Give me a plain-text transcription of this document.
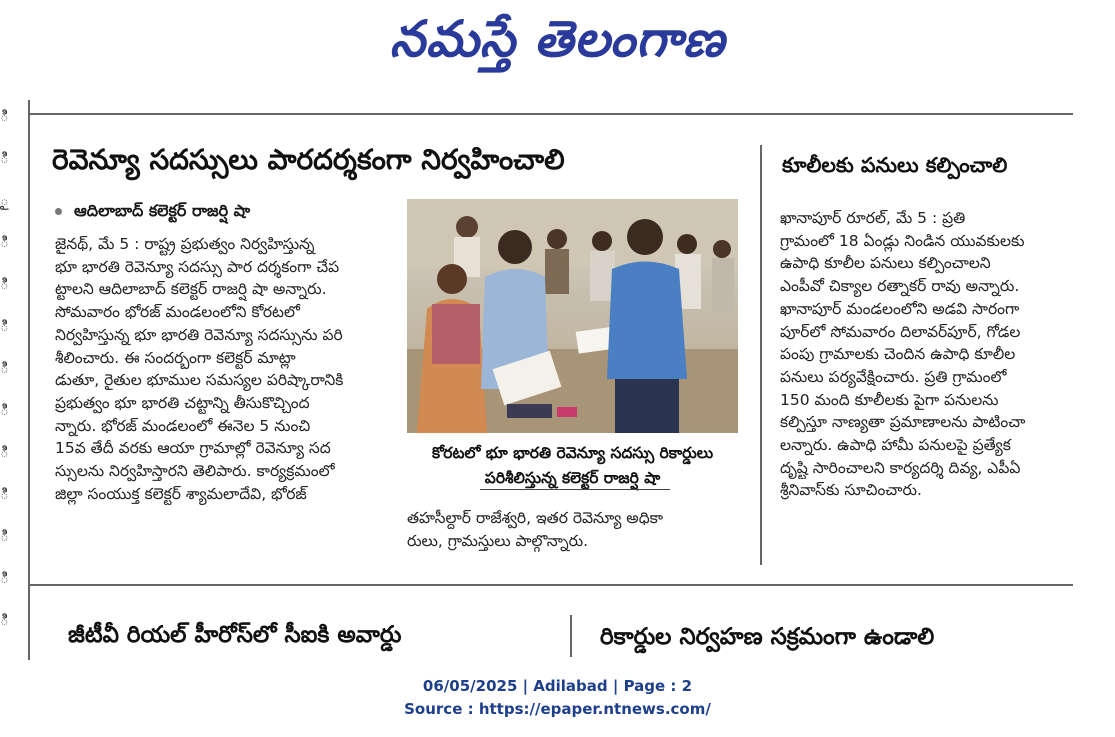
నమస్తే తెలంగాణ
ి
ి
ౖ
ి
ి
ి
ి
ి
ి
ి
ి
ి
ి
రెవెన్యూ సదస్సులు పారదర్శకంగా నిర్వహించాలి
ఆదిలాబాద్ కలెక్టర్ రాజర్షి షా
జైనథ్, మే 5 : రాష్ట్ర ప్రభుత్వం నిర్వహిస్తున్న
భూ భారతి రెవెన్యూ సదస్సు పార దర్శకంగా చేప
ట్టాలని ఆదిలాబాద్ కలెక్టర్ రాజర్షి షా అన్నారు.
సోమవారం భోరజ్ మండలంలోని కోరటలో
నిర్వహిస్తున్న భూ భారతి రెవెన్యూ సదస్సును పరి
శీలించారు. ఈ సందర్భంగా కలెక్టర్ మాట్లా
డుతూ, రైతుల భూముల సమస్యల పరిష్కారానికి
ప్రభుత్వం భూ భారతి చట్టాన్ని తీసుకొచ్చింద
న్నారు. భోరజ్ మండలంలో ఈనెల 5 నుంచి
15వ తేదీ వరకు ఆయా గ్రామాల్లో రెవెన్యూ సద
స్సులను నిర్వహిస్తారని తెలిపారు. కార్యక్రమంలో
జిల్లా సంయుక్త కలెక్టర్ శ్యామలాదేవి, భోరజ్
కోరటలో భూ భారతి రెవెన్యూ సదస్సు రికార్డులు
పరిశీలిస్తున్న కలెక్టర్ రాజర్షి షా
తహసీల్దార్ రాజేశ్వరి, ఇతర రెవెన్యూ అధికా
రులు, గ్రామస్తులు పాల్గొన్నారు.
కూలీలకు పనులు కల్పించాలి
ఖానాపూర్ రూరల్, మే 5 : ప్రతి
గ్రామంలో 18 ఏండ్లు నిండిన యువకులకు
ఉపాధి కూలీల పనులు కల్పించాలని
ఎంపీవో చిక్యాల రత్నాకర్ రావు అన్నారు.
ఖానాపూర్ మండలంలోని అడవి సారంగా
పూర్‌లో సోమవారం దిలావర్‌పూర్, గోడల
పంపు గ్రామాలకు చెందిన ఉపాధి కూలీల
పనులు పర్యవేక్షించారు. ప్రతి గ్రామంలో
150 మంది కూలీలకు పైగా పనులను
కల్పిస్తూ నాణ్యతా ప్రమాణాలను పాటించా
లన్నారు. ఉపాధి హామీ పనులపై ప్రత్యేక
దృష్టి సారించాలని కార్యదర్శి దివ్య, ఎపీఏ
శ్రీనివాస్‌కు సూచించారు.
జీటీవీ రియల్ హీరోస్‌లో సీఐకి అవార్డు	రికార్డుల నిర్వహణ సక్రమంగా ఉండాలి
06/05/2025 | Adilabad | Page : 2
Source : https://epaper.ntnews.com/
